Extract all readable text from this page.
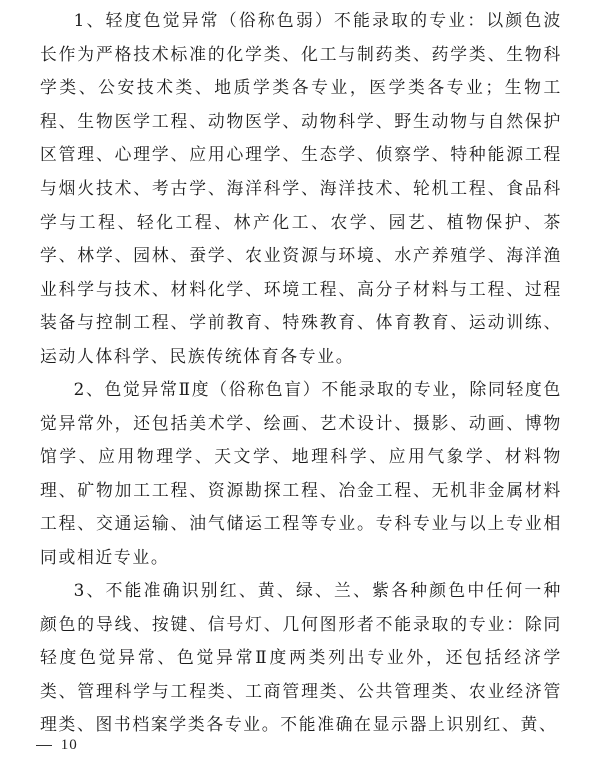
1、轻度色觉异常（俗称色弱）不能录取的专业：以颜色波长作为严格技术标准的化学类、化工与制药类、药学类、生物科学类、公安技术类、地质学类各专业，医学类各专业；生物工程、生物医学工程、动物医学、动物科学、野生动物与自然保护区管理、心理学、应用心理学、生态学、侦察学、特种能源工程与烟火技术、考古学、海洋科学、海洋技术、轮机工程、食品科学与工程、轻化工程、林产化工、农学、园艺、植物保护、茶学、林学、园林、蚕学、农业资源与环境、水产养殖学、海洋渔业科学与技术、材料化学、环境工程、高分子材料与工程、过程装备与控制工程、学前教育、特殊教育、体育教育、运动训练、运动人体科学、民族传统体育各专业。

2、色觉异常Ⅱ度（俗称色盲）不能录取的专业，除同轻度色觉异常外，还包括美术学、绘画、艺术设计、摄影、动画、博物馆学、应用物理学、天文学、地理科学、应用气象学、材料物理、矿物加工工程、资源勘探工程、冶金工程、无机非金属材料工程、交通运输、油气储运工程等专业。专科专业与以上专业相同或相近专业。

3、不能准确识别红、黄、绿、兰、紫各种颜色中任何一种颜色的导线、按键、信号灯、几何图形者不能录取的专业：除同轻度色觉异常、色觉异常Ⅱ度两类列出专业外，还包括经济学类、管理科学与工程类、工商管理类、公共管理类、农业经济管理类、图书档案学类各专业。不能准确在显示器上识别红、黄、

10
